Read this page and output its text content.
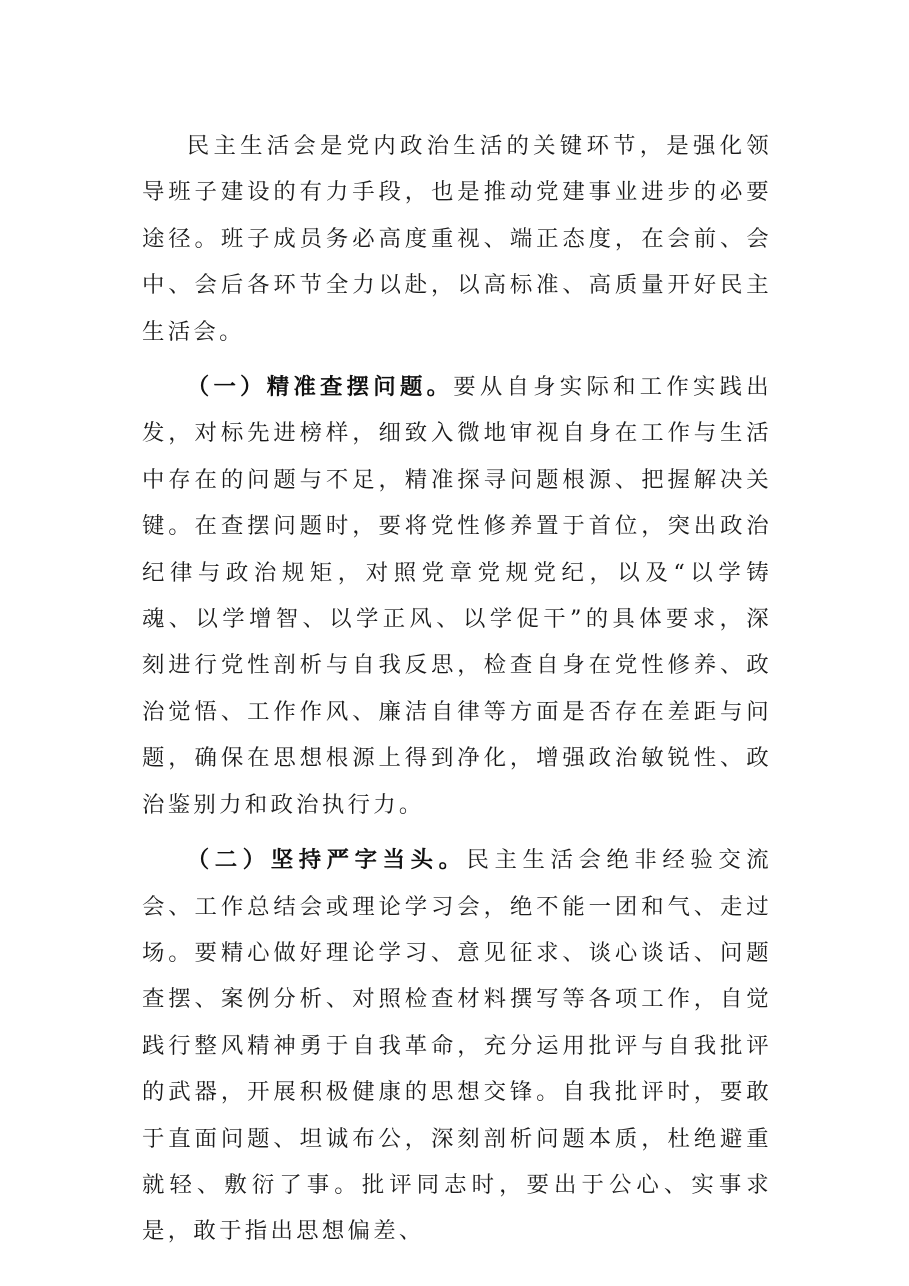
民主生活会是党内政治生活的关键环节，是强化领导班子建设的有力手段，也是推动党建事业进步的必要途径。班子成员务必高度重视、端正态度，在会前、会中、会后各环节全力以赴，以高标准、高质量开好民主生活会。

（一）精准查摆问题。要从自身实际和工作实践出发，对标先进榜样，细致入微地审视自身在工作与生活中存在的问题与不足，精准探寻问题根源、把握解决关键。在查摆问题时，要将党性修养置于首位，突出政治纪律与政治规矩，对照党章党规党纪，以及“以学铸魂、以学增智、以学正风、以学促干”的具体要求，深刻进行党性剖析与自我反思，检查自身在党性修养、政治觉悟、工作作风、廉洁自律等方面是否存在差距与问题，确保在思想根源上得到净化，增强政治敏锐性、政治鉴别力和政治执行力。

（二）坚持严字当头。民主生活会绝非经验交流会、工作总结会或理论学习会，绝不能一团和气、走过场。要精心做好理论学习、意见征求、谈心谈话、问题查摆、案例分析、对照检查材料撰写等各项工作，自觉践行整风精神勇于自我革命，充分运用批评与自我批评的武器，开展积极健康的思想交锋。自我批评时，要敢于直面问题、坦诚布公，深刻剖析问题本质，杜绝避重就轻、敷衍了事。批评同志时，要出于公心、实事求是，敢于指出思想偏差、
